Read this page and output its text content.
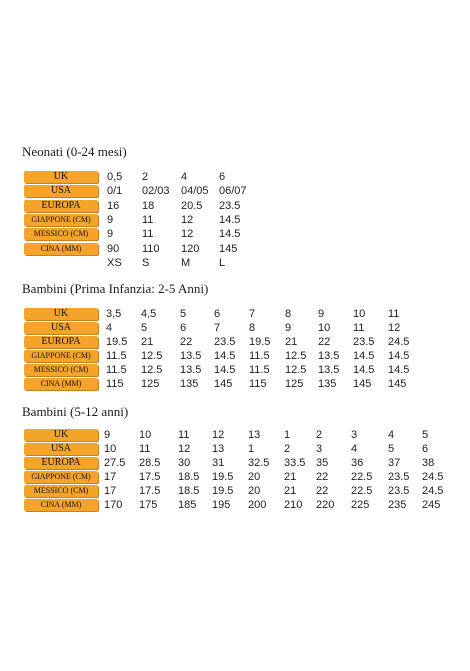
Neonati (0-24 mesi)
UK	0,5 2	4	6
USA	0/1 02/03 04/05 06/07
EUROPA	16 18 20.5 23.5
GIAPPONE (CM)	9	11	12 14.5
MESSICO (CM)	9	11	12 14.5
CINA (MM)	90 110 120 145
XS S	M	L
Bambini (Prima Infanzia: 2-5 Anni)
UK	3,5 4,5 5	6	7	8 9	10 11
USA	4	5	6	7	8	9 10 11 12
EUROPA	19.5 21 22 23.5 19.5 21 22 23.5 24.5
GIAPPONE (CM)	11.5 12.5 13.5 14.5 11.5 12.5 13.5 14.5 14.5
MESSICO (CM)	11.5 12.5 13.5 14.5 11.5 12.5 13.5 14.5 14.5
CINA (MM)	115 125 135 145 115 125 135 145 145
Bambini (5-12 anni)
UK	9	10 11 12 13 1 2	3	4	5
USA	10 11	12 13 1	2 3	4	5	6
EUROPA	27.5 28.5 30 31 32.5 33.5 35 36 37 38
GIAPPONE (CM)	17 17.5 18.5 19.5 20 21 22 22.5 23.5 24.5
MESSICO (CM)	17 17.5 18.5 19.5 20 21 22 22.5 23.5 24.5
CINA (MM)	170 175 185 195 200 210 220 225 235 245
